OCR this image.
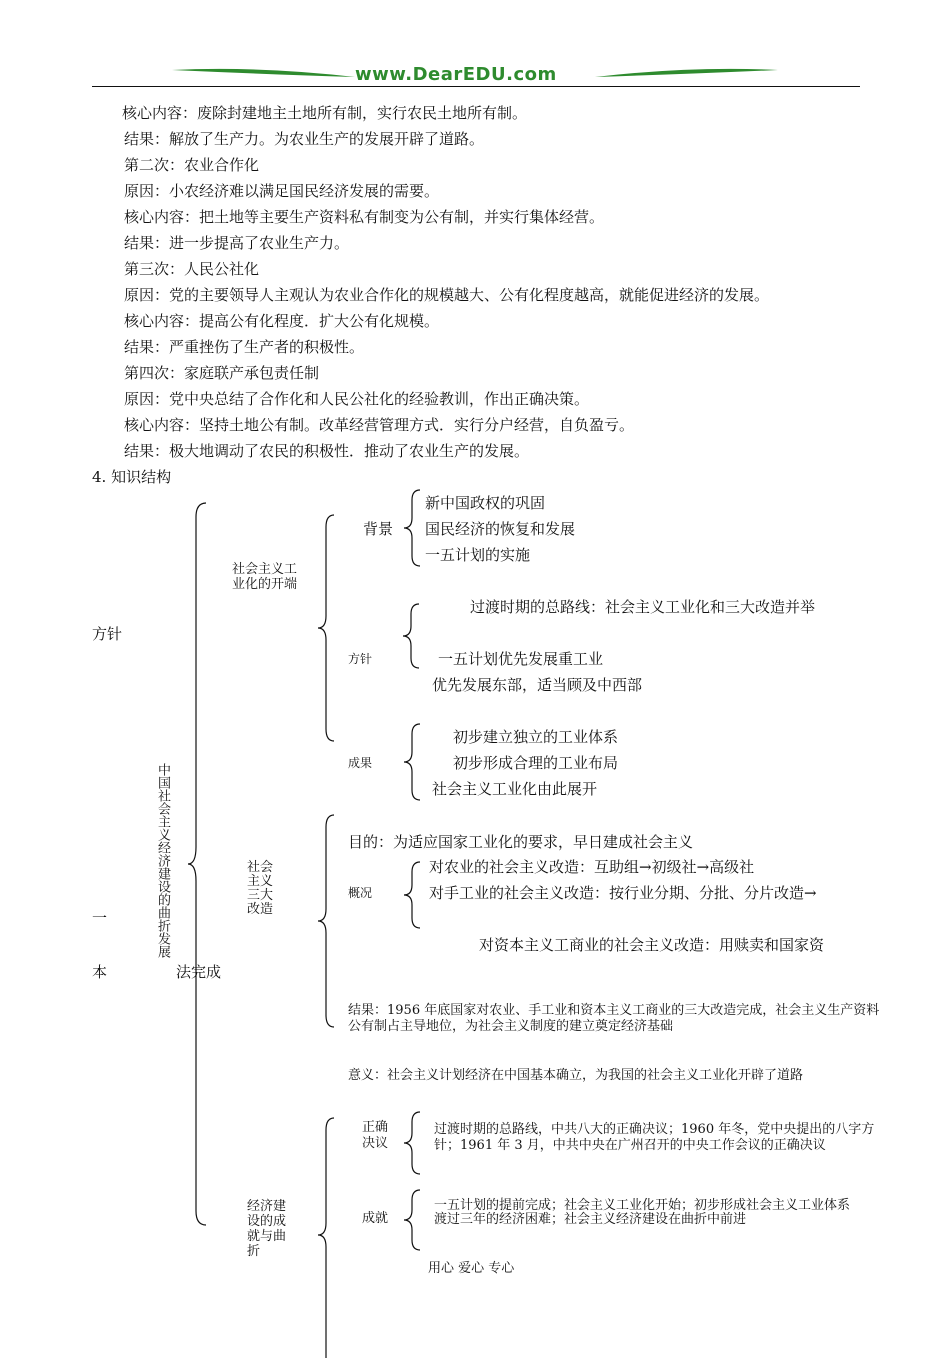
www.DearEDU.com
核心内容：废除封建地主土地所有制，实行农民土地所有制。
结果：解放了生产力。为农业生产的发展开辟了道路。
第二次：农业合作化
原因：小农经济难以满足国民经济发展的需要。
核心内容：把土地等主要生产资料私有制变为公有制，并实行集体经营。
结果：进一步提高了农业生产力。
第三次：人民公社化
原因：党的主要领导人主观认为农业合作化的规模越大、公有化程度越高，就能促进经济的发展。
核心内容：提高公有化程度．扩大公有化规模。
结果：严重挫伤了生产者的积极性。
第四次：家庭联产承包责任制
原因：党中央总结了合作化和人民公社化的经验教训，作出正确决策。
核心内容：坚持土地公有制。改革经营管理方式．实行分户经营，自负盈亏。
结果：极大地调动了农民的积极性．推动了农业生产的发展。
4. 知识结构
方针
一
本	法完成
中国社会主义经济建设的曲折发展
社会主义工业化的开端
背景
新中国政权的巩固
国民经济的恢复和发展
一五计划的实施
方针
过渡时期的总路线：社会主义工业化和三大改造并举
一五计划优先发展重工业
优先发展东部，适当顾及中西部
成果
初步建立独立的工业体系
初步形成合理的工业布局
社会主义工业化由此展开
社会主义三大改造
目的：为适应国家工业化的要求，早日建成社会主义
概况
对农业的社会主义改造：互助组→初级社→高级社
对手工业的社会主义改造：按行业分期、分批、分片改造→
对资本主义工商业的社会主义改造：用赎卖和国家资
结果：1956 年底国家对农业、手工业和资本主义工商业的三大改造完成，社会主义生产资料公有制占主导地位，为社会主义制度的建立奠定经济基础
意义：社会主义计划经济在中国基本确立，为我国的社会主义工业化开辟了道路
经济建设的成就与曲折
正确决议
过渡时期的总路线，中共八大的正确决议；1960 年冬，党中央提出的八字方针；1961 年 3 月，中共中央在广州召开的中央工作会议的正确决议
成就
一五计划的提前完成；社会主义工业化开始；初步形成社会主义工业体系
渡过三年的经济困难；社会主义经济建设在曲折中前进
用心 爱心 专心
